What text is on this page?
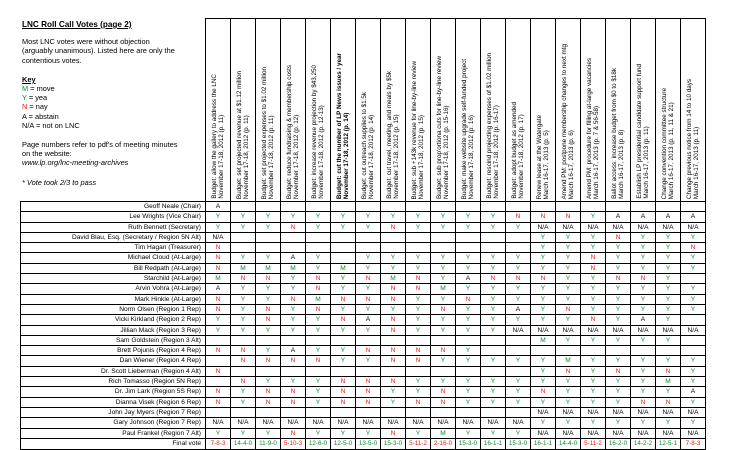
LNC Roll Call Votes (page 2)
Most LNC votes were without objection (arguably unanimous). Listed here are only the contentious votes.
Key
M = move
Y = yea
N = nay
A = abstain
N/A = not on LNC
Page numbers refer to pdf's of meeting minutes on the website:
www.lp.org/lnc-meeting-archives
* Vote took 2/3 to pass

	Budget: allow the gallery to address the LNC
November 17-18, 2012 (p. 11)	Budget: set projected revenue at $1.12 million
November 17-18, 2012 (p. 11)	Budget: set projected expenses to $1.02 million
November 17-18, 2012 (p. 11)	Budget: reduce fundraising & membership costs
November 17-18, 2012 (p. 12)	Budget: increase revenue projection by $43,250
November 17-18, 2012 (p. 12-13)	Budget: cut the number of LP News issues / year
November 17-18, 2012 (p. 14)	Budget: cut outreach supplies to $1.5k
November 17-18, 2012 (p. 14)	Budget: cut travel, meeting, and meals by $5k
November 17-18, 2012 (p. 15)	Budget: sub +143k revenue for line-by-line review
November 17-18, 2012 (p. 15)	Budget: sub prop'ortiona cuts for line-by-line review
November 17-18, 2012 (p. 15-16)	Budget: make website upgrade self-funded project
November 17-18, 2012 (p. 16)	Budget: rescind projecting expenses of $1.02 million
November 17-18, 2012 (p. 16-17)	Budget: adopt budget as amended
November 17-18, 2012 (p. 17)	Renew lease at the Watergate
March 16-17, 2013 (p. 5)	Amend PM: postpone membership changes to next mtg
March 16-17, 2013 (p. 6)	Amend PM: procedure for filling at-large vacancies
March 16-17, 2013 (p. 7 & 56-58)	Ballot access: increase budget from $0 to $18k
March 16-17, 2013 (p. 8)	Establish LP presidential candidate support fund
March 16-17, 2013 (p. 11)	Change convention committee structure
March 16-17, 2013 (p. 11, 11 & 21)	Change previous notice from 14 to 10 days
March 16-17, 2013 (p. 11)

Geoff Neale (Chair)	A																			
Lee Wrights (Vice Chair)	Y	Y	Y	Y	Y	Y	Y	Y	Y	Y	Y	Y	N	N	N	Y	A	A	A	A
Ruth Bennett (Secretary)	Y	Y	Y	N	Y	Y	Y	N	Y	Y	Y	Y	Y	N/A	N/A	N/A	N/A	N/A	N/A	N/A
David Blau, Esq. (Secretary / Region 5N Alt)	N/A													Y	Y	Y	N	Y	Y	Y
Tim Hagan (Treasurer)	N													Y	Y	Y	Y	Y	Y	N
Michael Cloud (At-Large)	N	Y	Y	A	Y		Y	Y	Y	Y	Y	Y	Y	Y	Y	N	Y	Y	Y	Y
Bill Redpath (At-Large)	N	M	M	M	Y	M	Y	Y	Y	Y	Y	Y	Y	Y	Y	N	Y	Y	Y	Y
Starchild (At-Large)	M	N	N	Y	N	Y	N	M	N	Y	A	N	N	N	Y	Y	N	N	Y	
Arvin Vohra (At-Large)	A	Y	Y	Y	N	Y	Y	N	N	M	Y	Y	Y	Y	Y	Y	Y	Y	Y	Y
Mark Hinkle (At-Large)	N	Y	Y	N	M	N	N	N	Y	Y	N	Y	Y	Y	Y	Y	Y	Y	Y	Y
Norm Olsen (Region 1 Rep)	N	Y	N	Y	N	Y	Y	Y	Y	N	Y	Y	A	Y	N	Y	Y	Y	Y	Y
Vicki Kirkland (Region 2 Rep)	Y	Y	N	Y	Y	N	A	N	Y	Y	Y	Y	Y	Y	Y	N	Y	A	Y	
Jillian Mack (Region 3 Rep)	Y	Y	Y	Y	Y	Y	Y	N	Y	Y	Y	Y	N/A	N/A	N/A	N/A	N/A	N/A	N/A	N/A
Sam Goldstein (Region 3 Alt)														M	Y	Y	Y	Y	Y	
Brett Pojunis (Region 4 Rep)	N	N	Y	A	Y	Y	N	N	N	N	Y									
Dan Wiener (Region 4 Rep)		N	N	N	N	Y	Y	N	N	Y	Y	Y	Y	Y	M	Y	Y	Y	Y	Y
Dr. Scott Lieberman (Region 4 Alt)	N													Y	N	Y	N	Y	N	Y
Rich Tomasso (Region 5N Rep)		N	Y	Y	Y	N	N	N	Y	Y	Y	Y	Y	Y	Y	Y	Y	Y	M	Y
Dr. Jim Lark (Region 5S Rep)	N	Y	N	N	Y	N	N	Y	Y	N	Y	Y	Y	N	Y	Y	Y	Y	Y	A
Dianna Visek (Region 6 Rep)	N	Y	N	N	Y	N	N	Y	N	N	Y	Y	Y	Y	Y	Y	Y	N	N	Y
John Jay Myers (Region 7 Rep)														N/A	N/A	N/A	N/A	N/A	N/A	N/A
Gary Johnson (Region 7 Rep)	N/A	N/A	N/A	N/A	N/A	N/A	N/A	N/A	N/A	N/A	N/A	N/A	N/A	Y	Y	Y	Y	Y	Y	Y
Paul Frankel (Region 7 Alt)	Y	Y	Y	N	Y	Y	Y	N	Y	M	Y	Y	Y	N/A	N/A	N/A	N/A	N/A	N/A	N/A
Final vote	7-8-3	14-4-0	11-9-0	5-10-3	12-6-0	12-5-0	13-5-0	15-3-0	5-11-2	2-16-0	15-3-0	16-1-1	15-3-0	16-1-1	14-4-0	5-11-2	16-2-0	14-2-2	12-5-1	7-8-3
